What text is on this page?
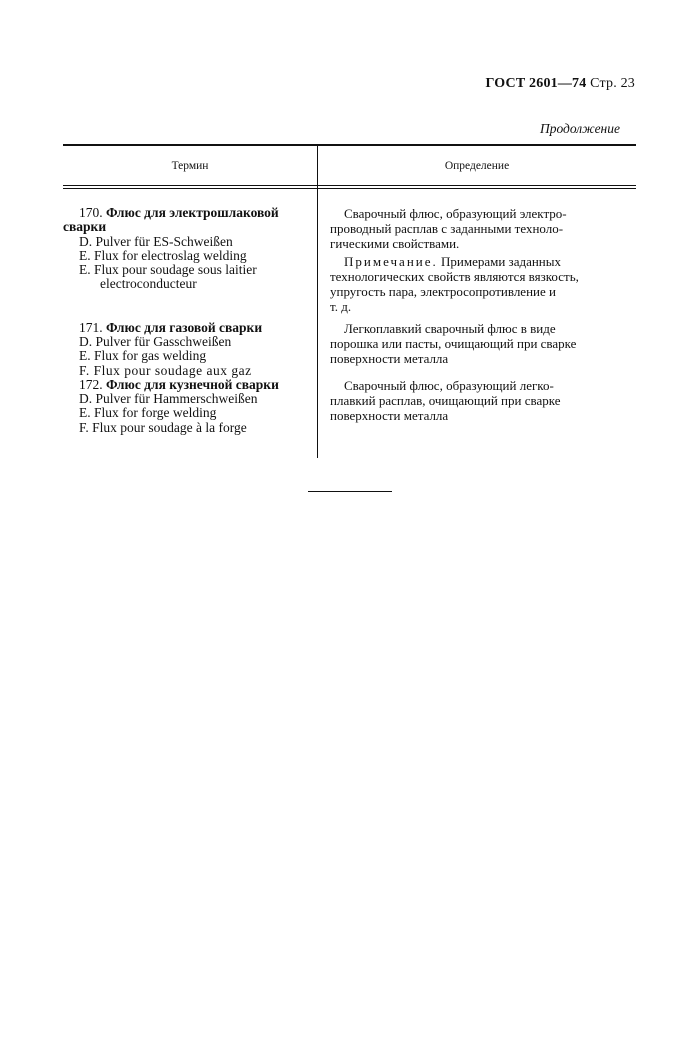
ГОСТ 2601—74 Стр. 23
Продолжение
Термин	Определение
170. Флюс для электрошлаковой
сварки
D. Pulver für ES-Schweißen
E. Flux for electroslag welding
E. Flux pour soudage sous laitier
electroconducteur
Сварочный флюс, образующий электро-
проводный расплав с заданными техноло-
гическими свойствами.
Примечание. Примерами заданных
технологических свойств являются вязкость,
упругость пара, электросопротивление и
т. д.
171. Флюс для газовой сварки
D. Pulver für Gasschweißen
E. Flux for gas welding
F. Flux pour soudage aux gaz
Легкоплавкий сварочный флюс в виде
порошка или пасты, очищающий при сварке
поверхности металла
172. Флюс для кузнечной сварки
D. Pulver für Hammerschweißen
E. Flux for forge welding
F. Flux pour soudage à la forge
Сварочный флюс, образующий легко-
плавкий расплав, очищающий при сварке
поверхности металла
